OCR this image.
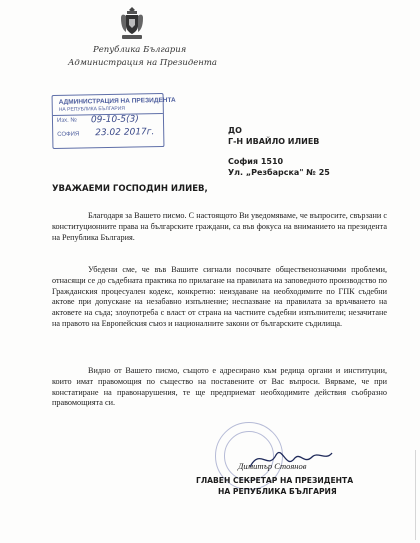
Република България
Администрация на Президента
АДМИНИСТРАЦИЯ НА ПРЕЗИДЕНТА
НА РЕПУБЛИКА БЪЛГАРИЯ
Изх. № 09-10-5(3)
СОФИЯ 23.02 2017г.	ДО
Г-Н ИВАЙЛО ИЛИЕВ
София 1510
Ул. „Резбарска" № 25
УВАЖАЕМИ ГОСПОДИН ИЛИЕВ,

Благодаря за Вашето писмо. С настоящото Ви уведомяваме, че въпросите, свързани с конституционните права на българските граждани, са във фокуса на вниманието на президента на Република България.

Убедени сме, че във Вашите сигнали посочвате общественозначими проблеми, отнасящи се до съдебната практика по прилагане на правилата на заповедното производство по Гражданския процесуален кодекс, конкретно: неиздаване на необходимите по ГПК съдебни актове при допускане на незабавно изпълнение; неспазване на правилата за връчването на актовете на съда; злоупотреба с власт от страна на частните съдебни изпълнители; незачитане на правото на Европейския съюз и националните закони от българските съдилища.

Видно от Вашето писмо, същото е адресирано към редица органи и институции, които имат правомощия по същество на поставените от Вас въпроси. Вярваме, че при констатиране на правонарушения, те ще предприемат необходимите действия съобразно правомощията си.

Димитър Стоянов
ГЛАВЕН СЕКРЕТАР НА ПРЕЗИДЕНТА
НА РЕПУБЛИКА БЪЛГАРИЯ
